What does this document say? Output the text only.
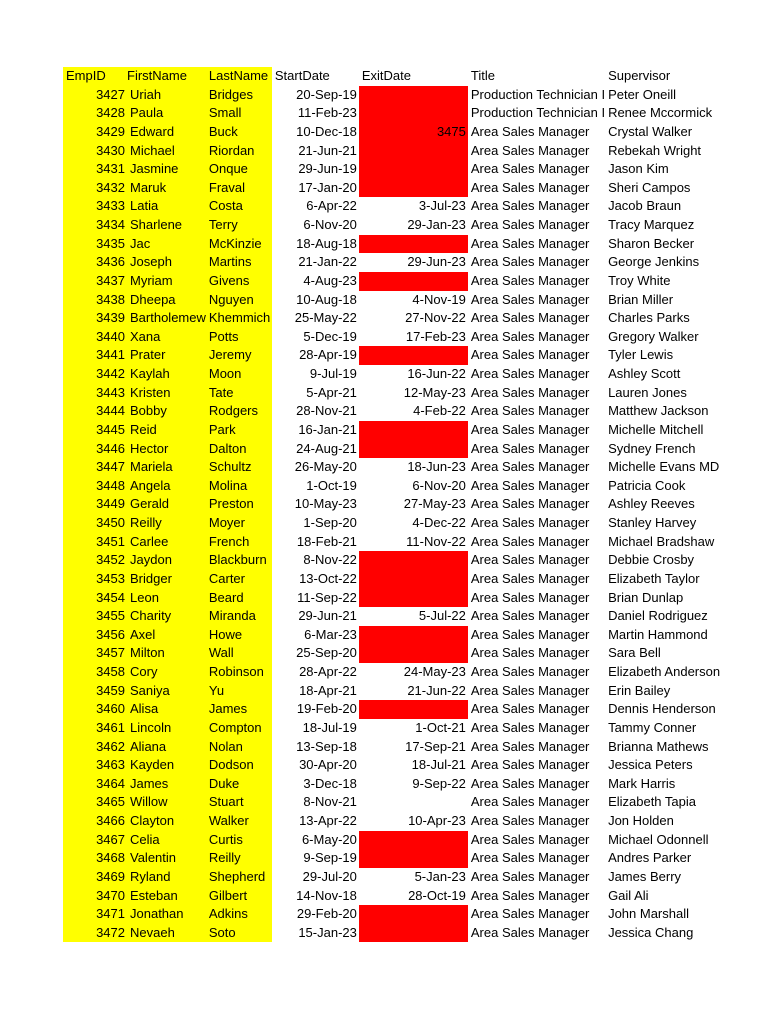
EmpID	FirstName	LastName	StartDate	ExitDate	Title	Supervisor
3427	Uriah	Bridges	20-Sep-19		Production Technician I	Peter Oneill
3428	Paula	Small	11-Feb-23		Production Technician I	Renee Mccormick
3429	Edward	Buck	10-Dec-18	3475	Area Sales Manager	Crystal Walker
3430	Michael	Riordan	21-Jun-21		Area Sales Manager	Rebekah Wright
3431	Jasmine	Onque	29-Jun-19		Area Sales Manager	Jason Kim
3432	Maruk	Fraval	17-Jan-20		Area Sales Manager	Sheri Campos
3433	Latia	Costa	6-Apr-22	3-Jul-23	Area Sales Manager	Jacob Braun
3434	Sharlene	Terry	6-Nov-20	29-Jan-23	Area Sales Manager	Tracy Marquez
3435	Jac	McKinzie	18-Aug-18		Area Sales Manager	Sharon Becker
3436	Joseph	Martins	21-Jan-22	29-Jun-23	Area Sales Manager	George Jenkins
3437	Myriam	Givens	4-Aug-23		Area Sales Manager	Troy White
3438	Dheepa	Nguyen	10-Aug-18	4-Nov-19	Area Sales Manager	Brian Miller
3439	Bartholemew	Khemmich	25-May-22	27-Nov-22	Area Sales Manager	Charles Parks
3440	Xana	Potts	5-Dec-19	17-Feb-23	Area Sales Manager	Gregory Walker
3441	Prater	Jeremy	28-Apr-19		Area Sales Manager	Tyler Lewis
3442	Kaylah	Moon	9-Jul-19	16-Jun-22	Area Sales Manager	Ashley Scott
3443	Kristen	Tate	5-Apr-21	12-May-23	Area Sales Manager	Lauren Jones
3444	Bobby	Rodgers	28-Nov-21	4-Feb-22	Area Sales Manager	Matthew Jackson
3445	Reid	Park	16-Jan-21		Area Sales Manager	Michelle Mitchell
3446	Hector	Dalton	24-Aug-21		Area Sales Manager	Sydney French
3447	Mariela	Schultz	26-May-20	18-Jun-23	Area Sales Manager	Michelle Evans MD
3448	Angela	Molina	1-Oct-19	6-Nov-20	Area Sales Manager	Patricia Cook
3449	Gerald	Preston	10-May-23	27-May-23	Area Sales Manager	Ashley Reeves
3450	Reilly	Moyer	1-Sep-20	4-Dec-22	Area Sales Manager	Stanley Harvey
3451	Carlee	French	18-Feb-21	11-Nov-22	Area Sales Manager	Michael Bradshaw
3452	Jaydon	Blackburn	8-Nov-22		Area Sales Manager	Debbie Crosby
3453	Bridger	Carter	13-Oct-22		Area Sales Manager	Elizabeth Taylor
3454	Leon	Beard	11-Sep-22		Area Sales Manager	Brian Dunlap
3455	Charity	Miranda	29-Jun-21	5-Jul-22	Area Sales Manager	Daniel Rodriguez
3456	Axel	Howe	6-Mar-23		Area Sales Manager	Martin Hammond
3457	Milton	Wall	25-Sep-20		Area Sales Manager	Sara Bell
3458	Cory	Robinson	28-Apr-22	24-May-23	Area Sales Manager	Elizabeth Anderson
3459	Saniya	Yu	18-Apr-21	21-Jun-22	Area Sales Manager	Erin Bailey
3460	Alisa	James	19-Feb-20		Area Sales Manager	Dennis Henderson
3461	Lincoln	Compton	18-Jul-19	1-Oct-21	Area Sales Manager	Tammy Conner
3462	Aliana	Nolan	13-Sep-18	17-Sep-21	Area Sales Manager	Brianna Mathews
3463	Kayden	Dodson	30-Apr-20	18-Jul-21	Area Sales Manager	Jessica Peters
3464	James	Duke	3-Dec-18	9-Sep-22	Area Sales Manager	Mark Harris
3465	Willow	Stuart	8-Nov-21		Area Sales Manager	Elizabeth Tapia
3466	Clayton	Walker	13-Apr-22	10-Apr-23	Area Sales Manager	Jon Holden
3467	Celia	Curtis	6-May-20		Area Sales Manager	Michael Odonnell
3468	Valentin	Reilly	9-Sep-19		Area Sales Manager	Andres Parker
3469	Ryland	Shepherd	29-Jul-20	5-Jan-23	Area Sales Manager	James Berry
3470	Esteban	Gilbert	14-Nov-18	28-Oct-19	Area Sales Manager	Gail Ali
3471	Jonathan	Adkins	29-Feb-20		Area Sales Manager	John Marshall
3472	Nevaeh	Soto	15-Jan-23		Area Sales Manager	Jessica Chang
